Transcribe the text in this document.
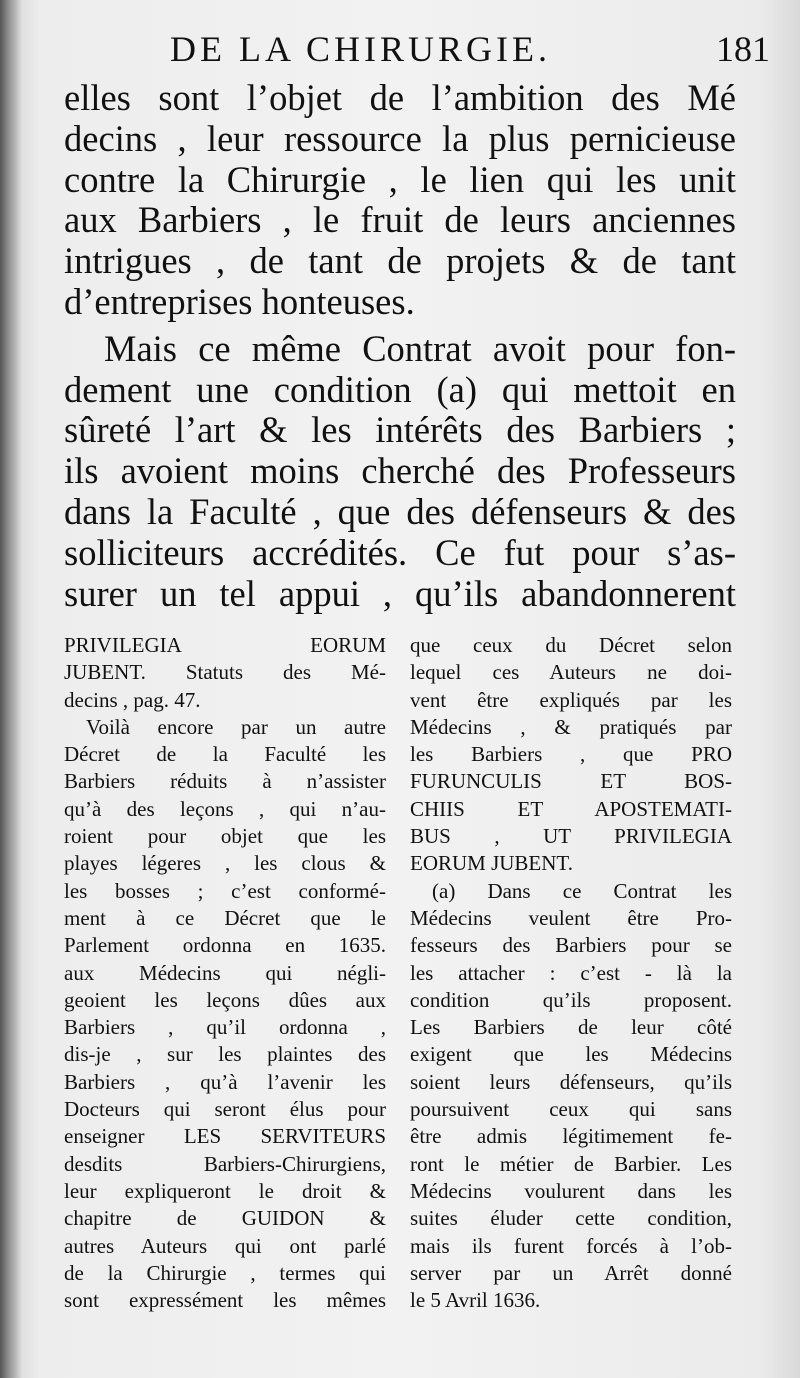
DE LA CHIRURGIE.	181
elles sont l’objet de l’ambition des Mé
decins , leur ressource la plus pernicieuse
contre la Chirurgie , le lien qui les unit
aux Barbiers , le fruit de leurs anciennes
intrigues , de tant de projets & de tant
d’entreprises honteuses.
Mais ce même Contrat avoit pour fon-
dement une condition (a) qui mettoit en
sûreté l’art & les intérêts des Barbiers ;
ils avoient moins cherché des Professeurs
dans la Faculté , que des défenseurs & des
solliciteurs accrédités. Ce fut pour s’as-
surer un tel appui , qu’ils abandonnerent
PRIVILEGIA EORUM
JUBENT. Statuts des Mé-
decins , pag. 47.
Voilà encore par un autre
Décret de la Faculté les
Barbiers réduits à n’assister
qu’à des leçons , qui n’au-
roient pour objet que les
playes légeres , les clous &
les bosses ; c’est conformé-
ment à ce Décret que le
Parlement ordonna en 1635.
aux Médecins qui négli-
geoient les leçons dûes aux
Barbiers , qu’il ordonna ,
dis-je , sur les plaintes des
Barbiers , qu’à l’avenir les
Docteurs qui seront élus pour
enseigner LES SERVITEURS
desdits Barbiers-Chirurgiens,
leur expliqueront le droit &
chapitre de GUIDON &
autres Auteurs qui ont parlé
de la Chirurgie , termes qui
sont expressément les mêmes
que ceux du Décret selon
lequel ces Auteurs ne doi-
vent être expliqués par les
Médecins , & pratiqués par
les Barbiers , que PRO
FURUNCULIS ET BOS-
CHIIS ET APOSTEMATI-
BUS , UT PRIVILEGIA
EORUM JUBENT.
(a) Dans ce Contrat les
Médecins veulent être Pro-
fesseurs des Barbiers pour se
les attacher : c’est - là la
condition qu’ils proposent.
Les Barbiers de leur côté
exigent que les Médecins
soient leurs défenseurs, qu’ils
poursuivent ceux qui sans
être admis légitimement fe-
ront le métier de Barbier. Les
Médecins voulurent dans les
suites éluder cette condition,
mais ils furent forcés à l’ob-
server par un Arrêt donné
le 5 Avril 1636.
